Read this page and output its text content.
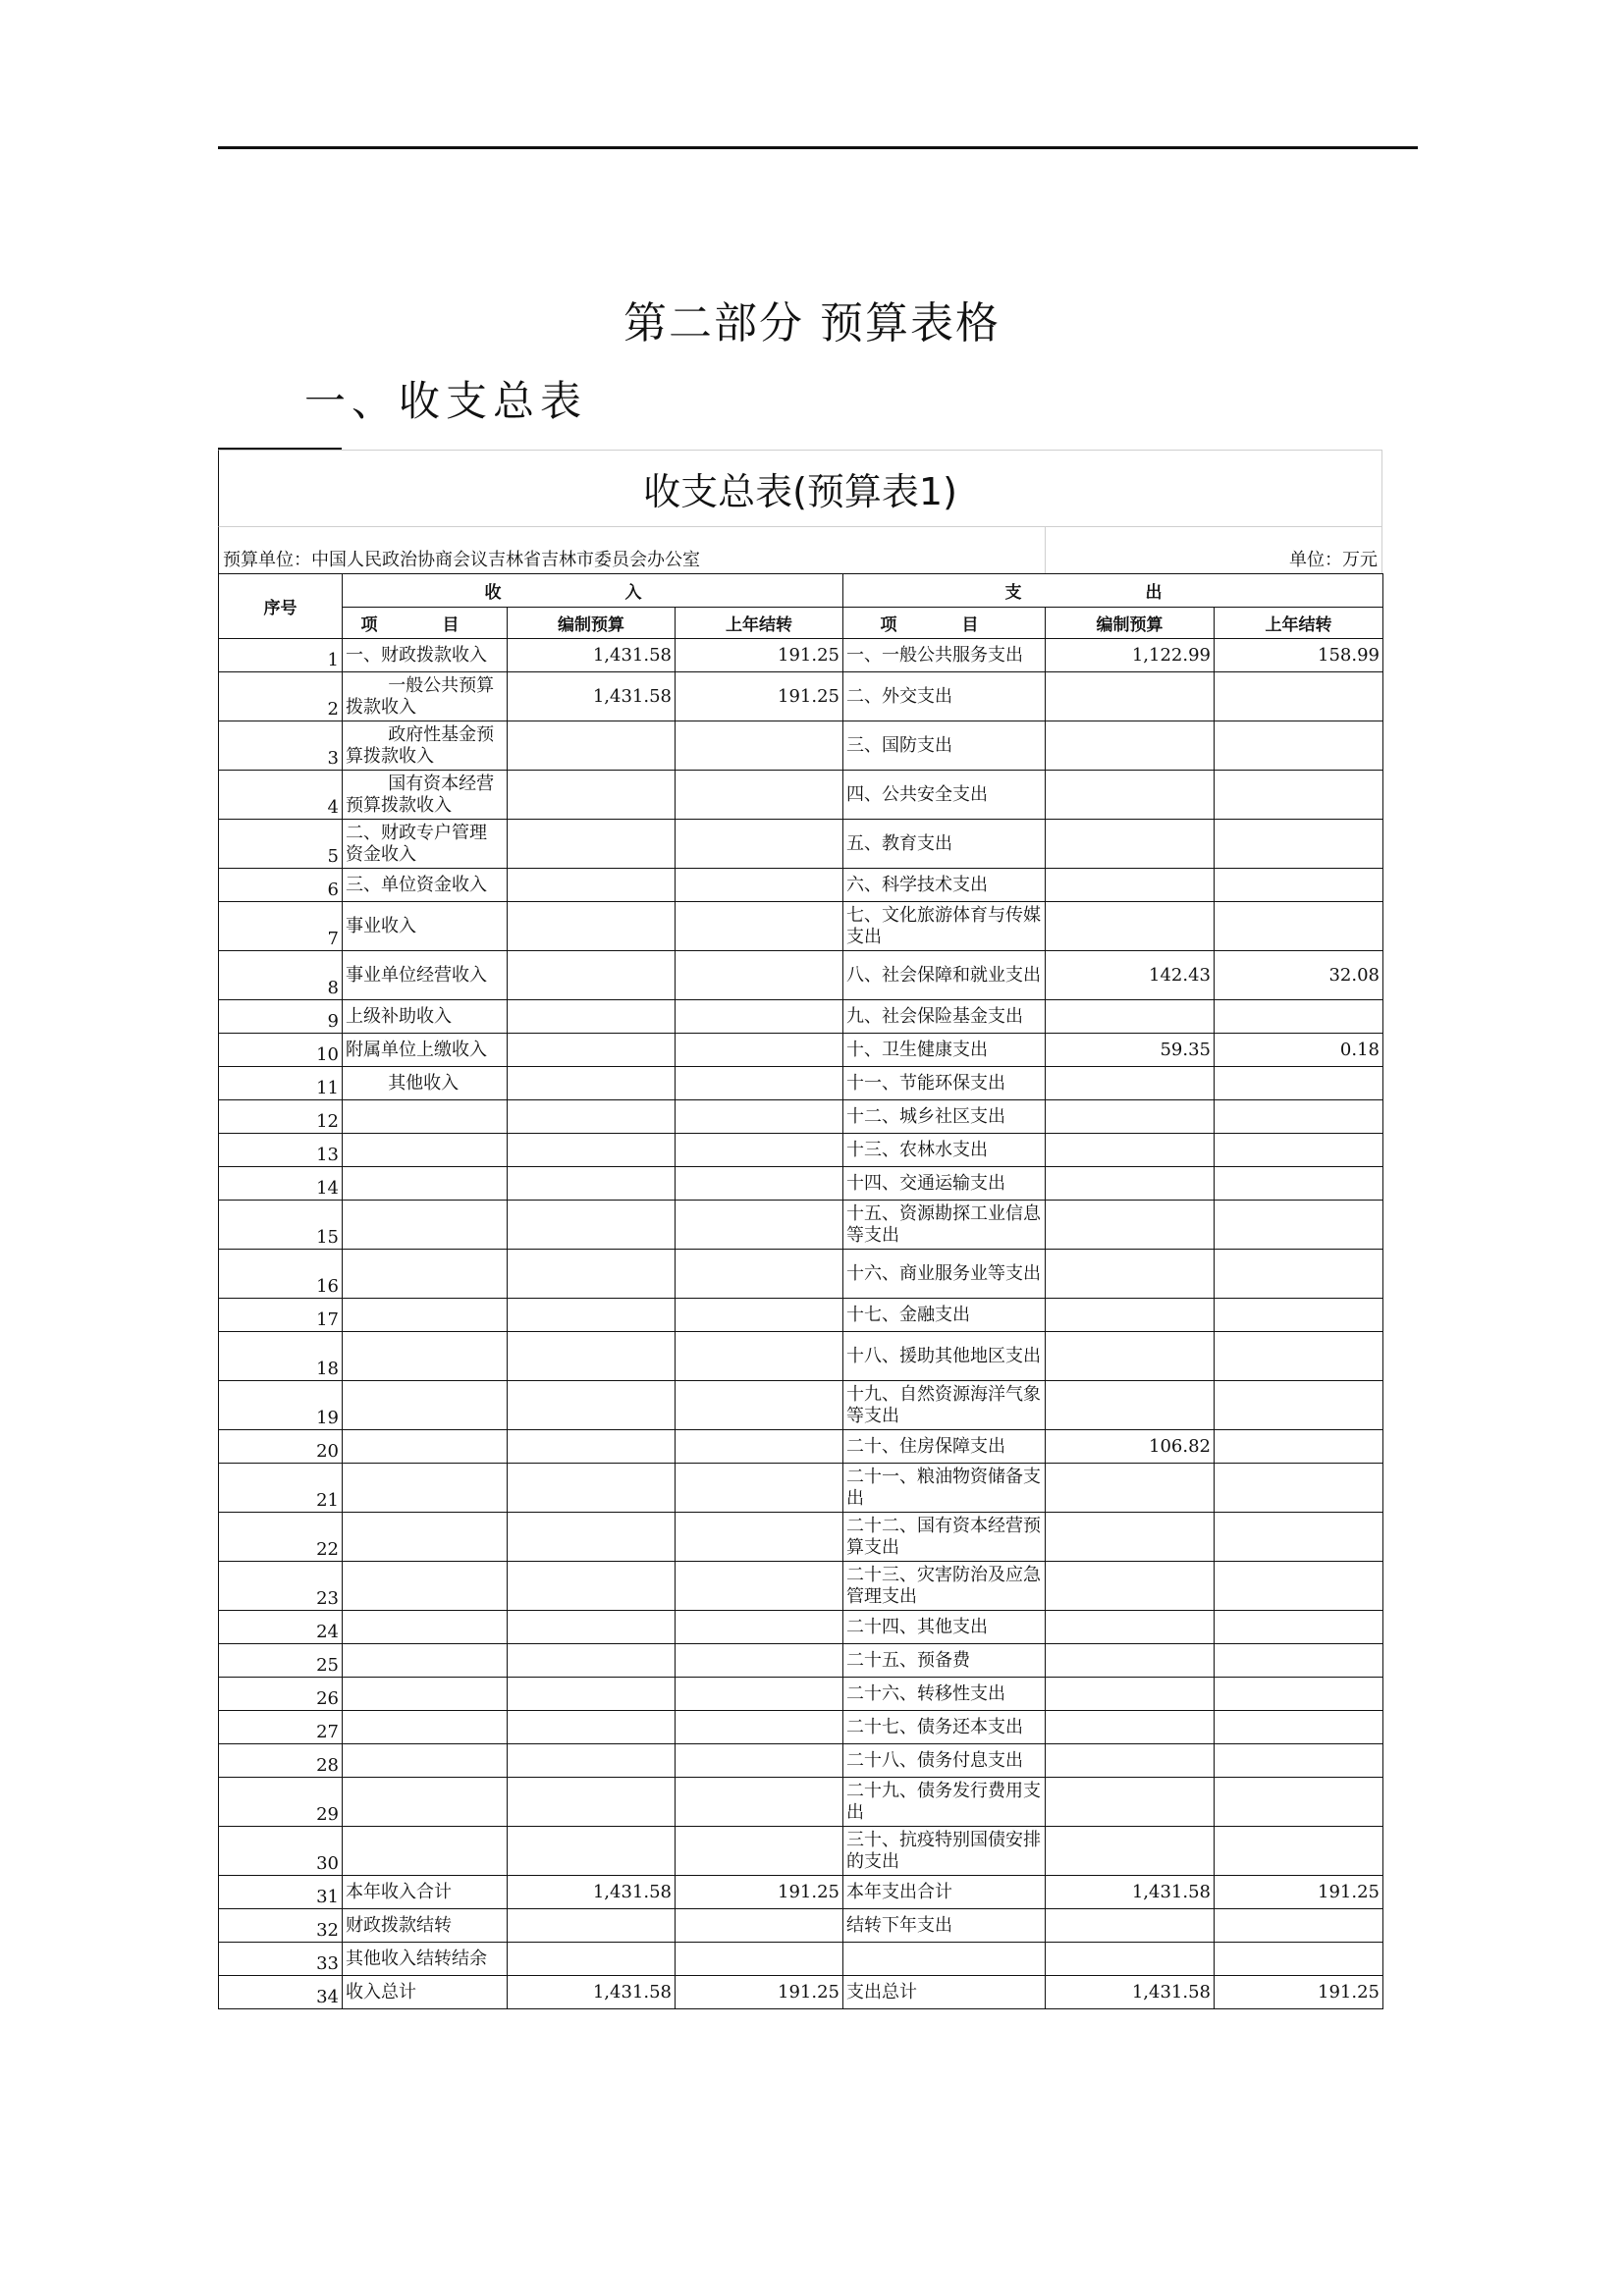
第二部分 预算表格
一、收支总表
收支总表(预算表1)
预算单位：中国人民政治协商会议吉林省吉林市委员会办公室	单位：万元
序号	收 入			支 出		
	项 目	编制预算	上年结转	项 目	编制预算	上年结转
1	一、财政拨款收入	1,431.58	191.25	一、一般公共服务支出	1,122.99	158.99
2	一般公共预算拨款收入	1,431.58	191.25	二、外交支出		
3	政府性基金预算拨款收入			三、国防支出		
4	国有资本经营预算拨款收入			四、公共安全支出		
5	二、财政专户管理资金收入			五、教育支出		
6	三、单位资金收入			六、科学技术支出		
7	事业收入			七、文化旅游体育与传媒支出		
8	事业单位经营收入			八、社会保障和就业支出	142.43	32.08
9	上级补助收入			九、社会保险基金支出		
10	附属单位上缴收入			十、卫生健康支出	59.35	0.18
11	其他收入			十一、节能环保支出		
12				十二、城乡社区支出		
13				十三、农林水支出		
14				十四、交通运输支出		
15				十五、资源勘探工业信息等支出		
16				十六、商业服务业等支出		
17				十七、金融支出		
18				十八、援助其他地区支出		
19				十九、自然资源海洋气象等支出		
20				二十、住房保障支出	106.82	
21				二十一、粮油物资储备支出		
22				二十二、国有资本经营预算支出		
23				二十三、灾害防治及应急管理支出		
24				二十四、其他支出		
25				二十五、预备费		
26				二十六、转移性支出		
27				二十七、债务还本支出		
28				二十八、债务付息支出		
29				二十九、债务发行费用支出		
30				三十、抗疫特别国债安排的支出		
31	本年收入合计	1,431.58	191.25	本年支出合计	1,431.58	191.25
32	财政拨款结转			结转下年支出		
33	其他收入结转结余					
34	收入总计	1,431.58	191.25	支出总计	1,431.58	191.25
